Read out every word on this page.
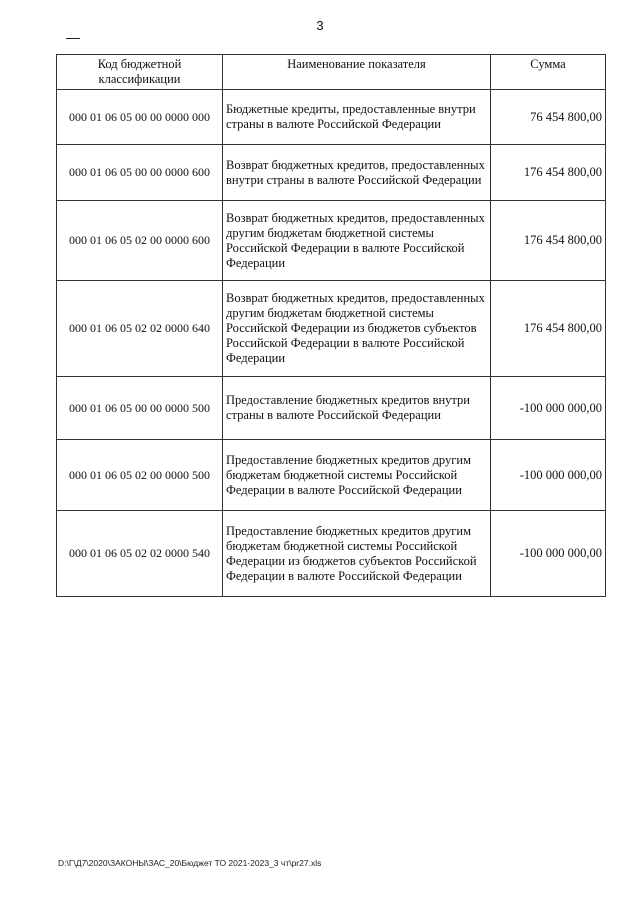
3
Код бюджетной классификации	Наименование показателя	Сумма
000 01 06 05 00 00 0000 000	Бюджетные кредиты, предоставленные внутри страны в валюте Российской Федерации	76 454 800,00
000 01 06 05 00 00 0000 600	Возврат бюджетных кредитов, предоставленных внутри страны в валюте Российской Федерации	176 454 800,00
000 01 06 05 02 00 0000 600	Возврат бюджетных кредитов, предоставленных другим бюджетам бюджетной системы Российской Федерации в валюте Российской Федерации	176 454 800,00
000 01 06 05 02 02 0000 640	Возврат бюджетных кредитов, предоставленных другим бюджетам бюджетной системы Российской Федерации из бюджетов субъектов Российской Федерации в валюте Российской Федерации	176 454 800,00
000 01 06 05 00 00 0000 500	Предоставление бюджетных кредитов внутри страны в валюте Российской Федерации	-100 000 000,00
000 01 06 05 02 00 0000 500	Предоставление бюджетных кредитов другим бюджетам бюджетной системы Российской Федерации в валюте Российской Федерации	-100 000 000,00
000 01 06 05 02 02 0000 540	Предоставление бюджетных кредитов другим бюджетам бюджетной системы Российской Федерации из бюджетов субъектов Российской Федерации в валюте Российской Федерации	-100 000 000,00
D:\Г\Д7\2020\ЗАКОНЫ\ЗАС_20\Бюджет ТО 2021-2023_3 чт\pr27.xls
